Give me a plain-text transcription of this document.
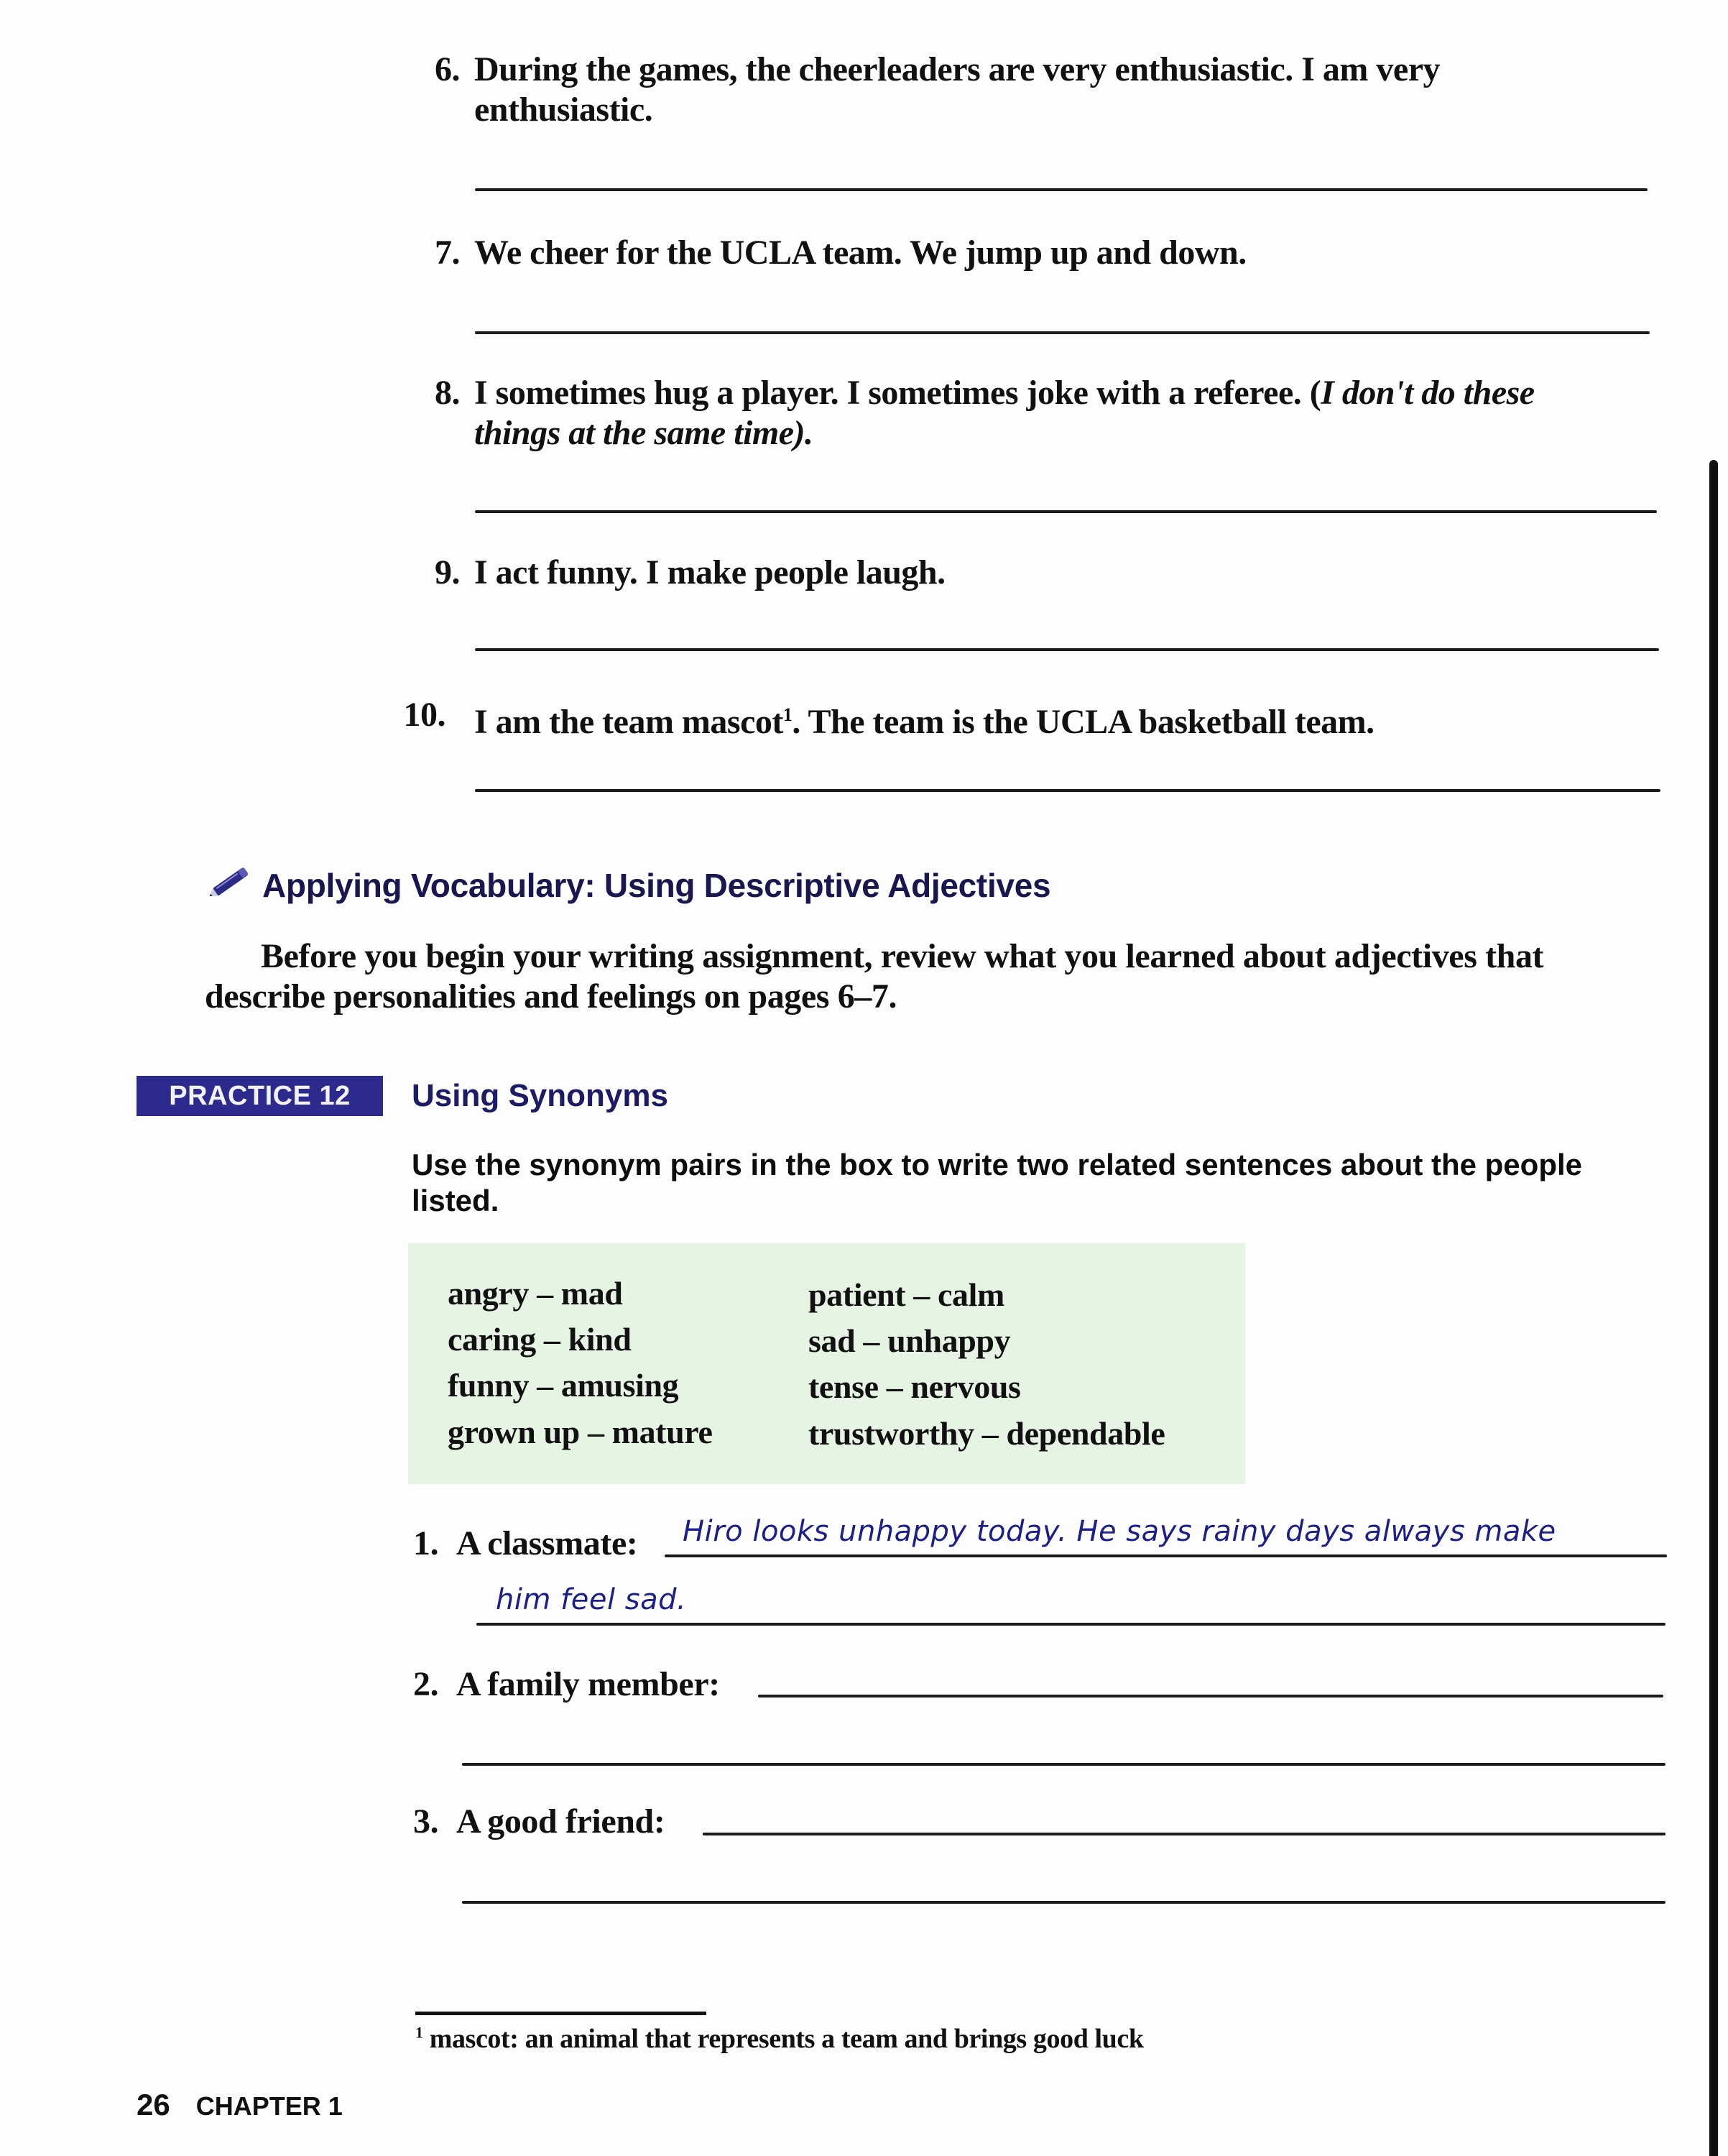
6. During the games, the cheerleaders are very enthusiastic. I am very
enthusiastic.
7. We cheer for the UCLA team. We jump up and down.
8. I sometimes hug a player. I sometimes joke with a referee. (I don't do these
things at the same time).
9. I act funny. I make people laugh.
10. I am the team mascot$^1$. The team is the UCLA basketball team.
Applying Vocabulary: Using Descriptive Adjectives
Before you begin your writing assignment, review what you learned about adjectives that describe personalities and feelings on pages 6–7.
PRACTICE 12	Using Synonyms
Use the synonym pairs in the box to write two related sentences about the people listed.
angry – mad
caring – kind
funny – amusing
grown up – mature
patient – calm
sad – unhappy
tense – nervous
trustworthy – dependable
1. A classmate: Hiro looks unhappy today. He says rainy days always make
him feel sad.
2. A family member:
3. A good friend:
$^1$ mascot: an animal that represents a team and brings good luck
26 CHAPTER 1
